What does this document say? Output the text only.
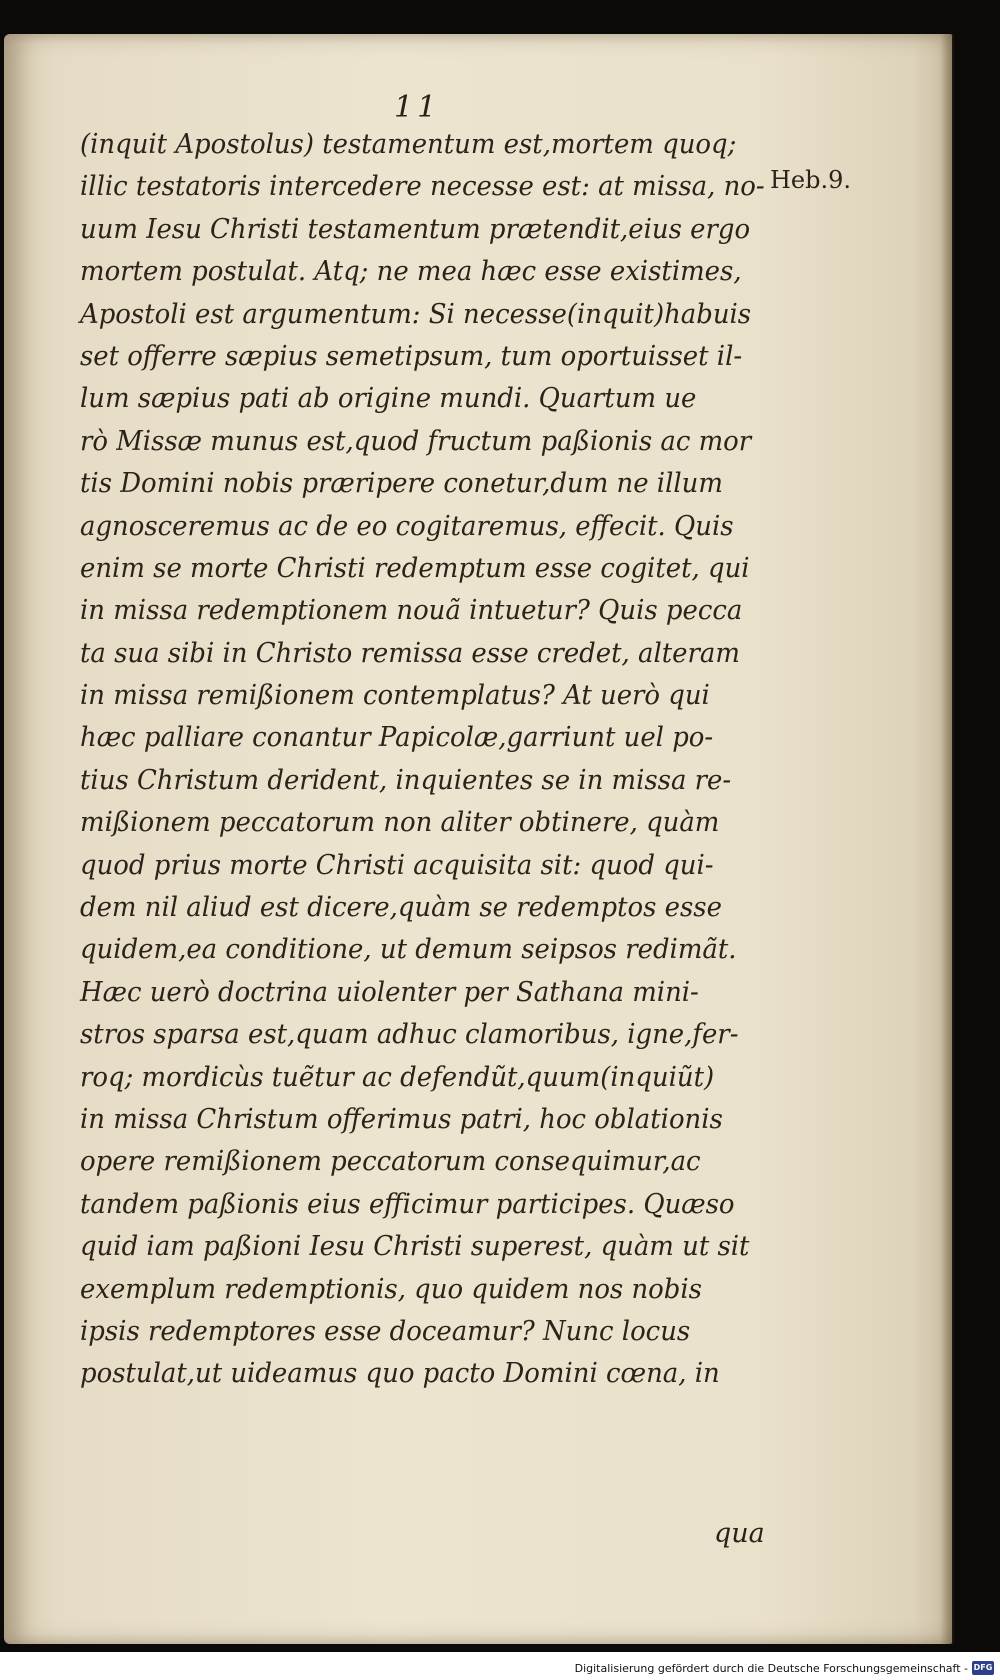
11
Heb.9.
(inquit Apostolus) testamentum est,mortem quoq;
illic testatoris intercedere necesse est: at missa, no-
uum Iesu Christi testamentum prætendit,eius ergo
mortem postulat. Atq; ne mea hæc esse existimes,
Apostoli est argumentum: Si necesse(inquit)habuis
set offerre sæpius semetipsum, tum oportuisset il-
lum sæpius pati ab origine mundi. Quartum ue
rò Missæ munus est,quod fructum paßionis ac mor
tis Domini nobis præripere conetur,dum ne illum
agnosceremus ac de eo cogitaremus, effecit. Quis
enim se morte Christi redemptum esse cogitet, qui
in missa redemptionem nouã intuetur? Quis pecca
ta sua sibi in Christo remissa esse credet, alteram
in missa remißionem contemplatus? At uerò qui
hæc palliare conantur Papicolæ,garriunt uel po-
tius Christum derident, inquientes se in missa re-
mißionem peccatorum non aliter obtinere, quàm
quod prius morte Christi acquisita sit: quod qui-
dem nil aliud est dicere,quàm se redemptos esse
quidem,ea conditione, ut demum seipsos redimãt.
Hæc uerò doctrina uiolenter per Sathana mini-
stros sparsa est,quam adhuc clamoribus, igne,fer-
roq; mordicùs tuẽtur ac defendũt,quum(inquiũt)
in missa Christum offerimus patri, hoc oblationis
opere remißionem peccatorum consequimur,ac
tandem paßionis eius efficimur participes. Quæso
quid iam paßioni Iesu Christi superest, quàm ut sit
exemplum redemptionis, quo quidem nos nobis
ipsis redemptores esse doceamur? Nunc locus
postulat,ut uideamus quo pacto Domini cœna, in
qua
Digitalisierung gefördert durch die Deutsche Forschungsgemeinschaft - DFG
